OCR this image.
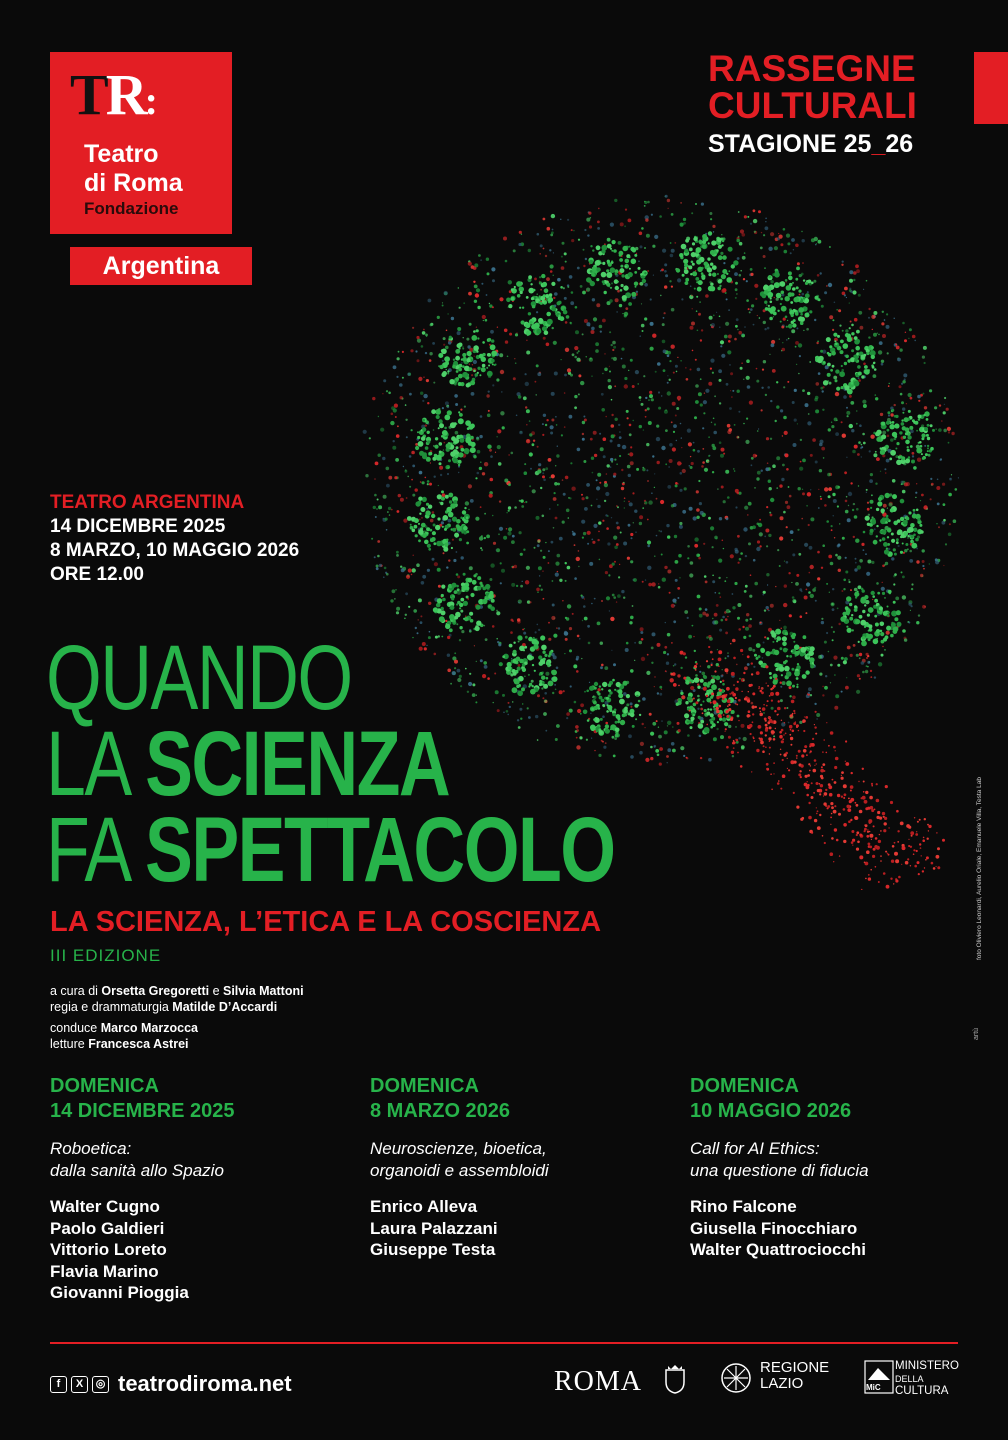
TR:
Teatro
di Roma
Fondazione
Argentina
RASSEGNE
CULTURALI
STAGIONE 25_26
TEATRO ARGENTINA
14 DICEMBRE 2025
8 MARZO, 10 MAGGIO 2026
ORE 12.00
QUANDO
LA SCIENZA
FA SPETTACOLO
LA SCIENZA, L’ETICA E LA COSCIENZA
III EDIZIONE
a cura di Orsetta Gregoretti e Silvia Mattoni
regia e drammaturgia Matilde D’Accardi
conduce Marco Marzocca
letture Francesca Astrei
DOMENICA
14 DICEMBRE 2025
Roboetica:
dalla sanità allo Spazio
Walter Cugno
Paolo Galdieri
Vittorio Loreto
Flavia Marino
Giovanni Pioggia
DOMENICA
8 MARZO 2026
Neuroscienze, bioetica,
organoidi e assembloidi
Enrico Alleva
Laura Palazzani
Giuseppe Testa
DOMENICA
10 MAGGIO 2026
Call for AI Ethics:
una questione di fiducia
Rino Falcone
Giusella Finocchiaro
Walter Quattrociocchi
f	X	◎ teatrodiroma.net	ROMA	REGIONE
LAZIO	MiC
MINISTERO
DELLA
CULTURA
foto Oliviero Leonardi, Aurelio Oriale, Emanuele Villa, Testa Lab
artù
